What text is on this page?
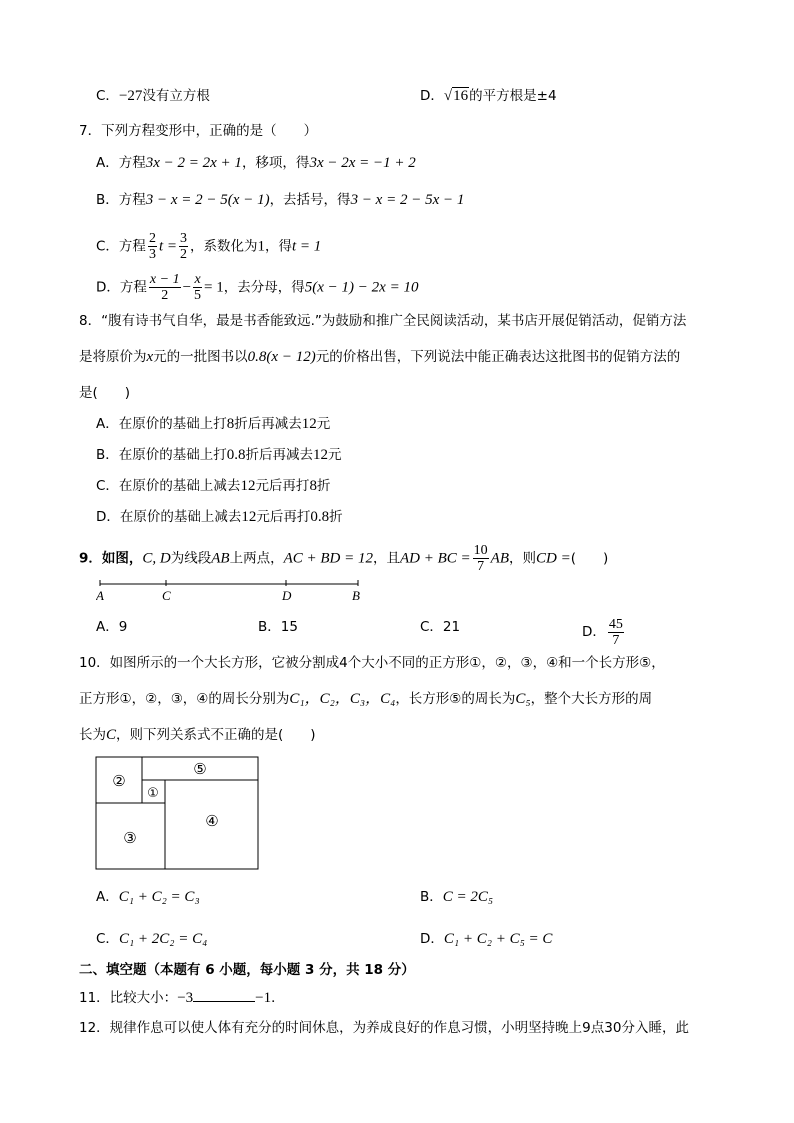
C．−27没有立方根	D．√16的平方根是±4
7．下列方程变形中，正确的是（　　）
A．方程3x − 2 = 2x + 1，移项，得3x − 2x = −1 + 2
B．方程3 − x = 2 − 5(x − 1)，去括号，得3 − x = 2 − 5x − 1
C．方程 $\frac{2}{3}$ $t = \frac{3}{2}$ ，系数化为1，得t = 1
D．方程 $\frac{x - 1}{2} - \frac{x}{5} = 1$，去分母，得5(x − 1) − 2x = 10
8．“腹有诗书气自华，最是书香能致远.”为鼓励和推广全民阅读活动，某书店开展促销活动，促销方法
是将原价为x元的一批图书以0.8(x − 12)元的价格出售，下列说法中能正确表达这批图书的促销方法的
是(　　)
A．在原价的基础上打8折后再减去12元
B．在原价的基础上打0.8折后再减去12元
C．在原价的基础上减去12元后再打8折
D．在原价的基础上减去12元后再打0.8折
9．如图，C, D为线段AB上两点，AC + BD = 12，且AD + BC = $\frac{10}{7}$ AB，则CD =(　　)
A	C	D	B
A．9	B．15	C．21	D． $\frac{45}{7}$
10．如图所示的一个大长方形，它被分割成4个大小不同的正方形①，②，③，④和一个长方形⑤，
正方形①，②，③，④的周长分别为C₁，C₂，C₃，C₄，长方形⑤的周长为C₅，整个大长方形的周
长为C，则下列关系式不正确的是(　　)
②
①
⑤
③
④
A．C₁ + C₂ = C₃	B．C = 2C₅
C．C₁ + 2C₂ = C₄	D．C₁ + C₂ + C₅ = C
二、填空题（本题有 6 小题，每小题 3 分，共 18 分）
11．比较大小：−3	−1．
12．规律作息可以使人体有充分的时间休息，为养成良好的作息习惯，小明坚持晚上9点30分入睡，此
